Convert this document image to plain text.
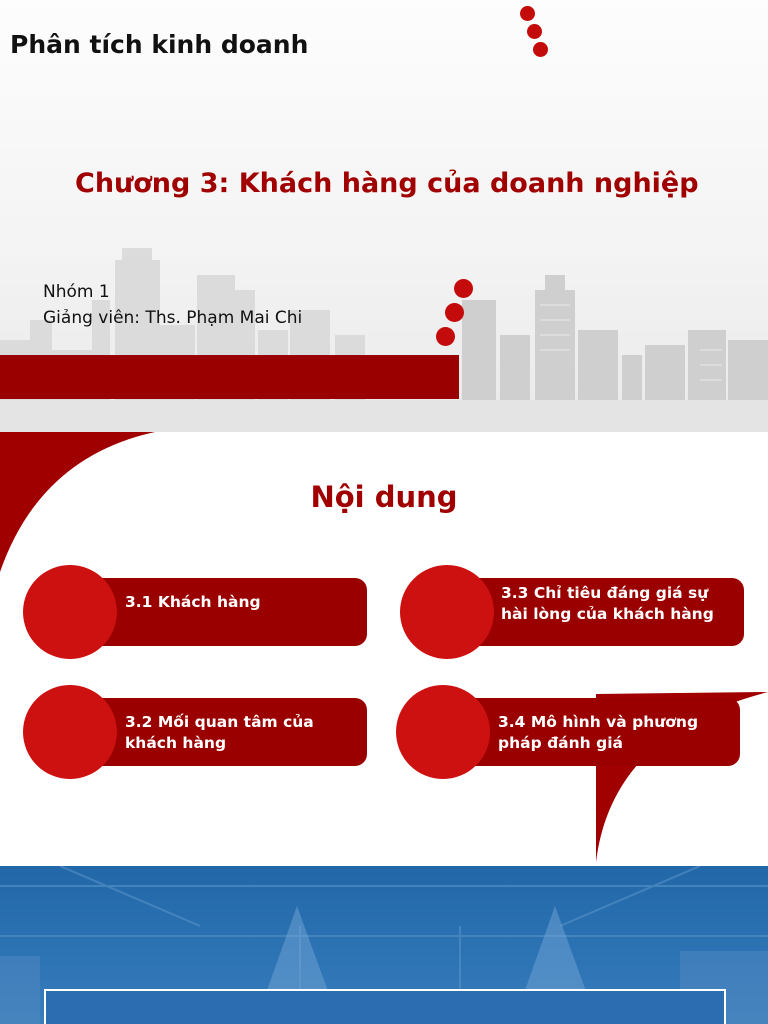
Phân tích kinh doanh
Chương 3: Khách hàng của doanh nghiệp
Nhóm 1
Giảng viên: Ths. Phạm Mai Chi
Nội dung
3.1 Khách hàng
3.2 Mối quan tâm của khách hàng
3.3 Chỉ tiêu đáng giá sự hài lòng của khách hàng
3.4 Mô hình và phương pháp đánh giá
